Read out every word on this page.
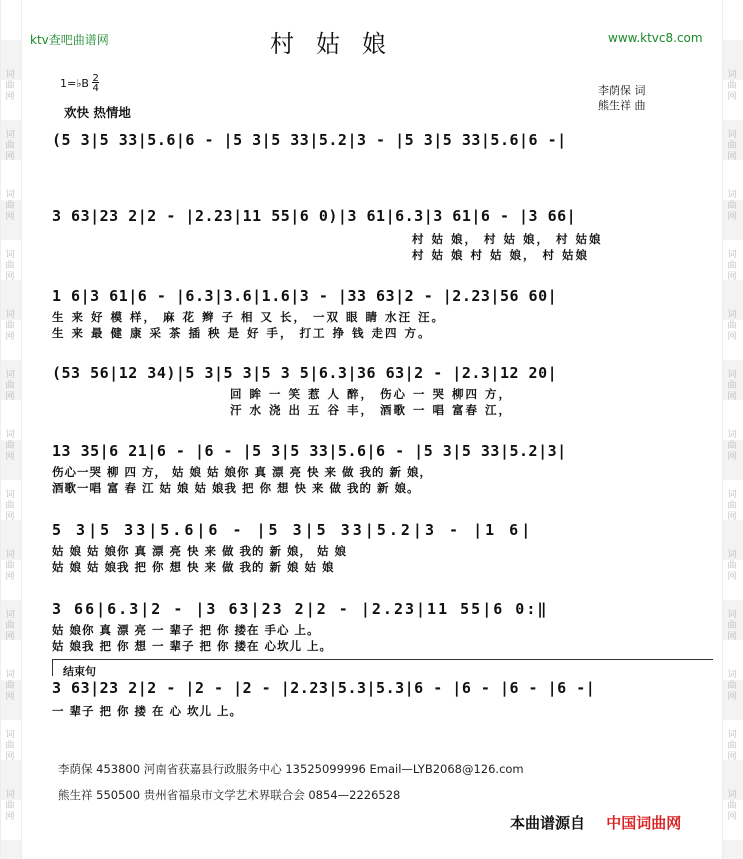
词
曲
网
词
曲
网
词
曲
网
词
曲
网
词
曲
网
词
曲
网
词
曲
网
词
曲
网
词
曲
网
词
曲
网
词
曲
网
词
曲
网
词
曲
网
词
曲
网
词
曲
网
词
曲
网
词
曲
网
词
曲
网
词
曲
网
词
曲
网
词
曲
网
词
曲
网
词
曲
网
词
曲
网
词
曲
网
词
曲
网
ktv查吧曲谱网	www.ktvc8.com
村姑娘
1=♭B $\frac{2}{4}$
欢快 热情地
李荫保 词
熊生祥 曲
(5 3|5 33|5.6|6 - |5 3|5 33|5.2|3 - |5 3|5 33|5.6|6 -|
3 63|23 2|2 - |2.23|11 55|6 0)|3 61|6.3|3 61|6 - |3 66|
村 姑 娘， 村 姑 娘， 村 姑娘
村 姑 娘 村 姑 娘， 村 姑娘
1 6|3 61|6 - |6.3|3.6|1.6|3 - |33 63|2 - |2.23|56 60|
生 来 好 模 样， 麻 花 辫 子 相 又 长， 一双 眼 睛 水汪 汪。
生 来 最 健 康 采 茶 插 秧 是 好 手， 打工 挣 钱 走四 方。
(53 56|12 34)|5 3|5 3|5 3 5|6.3|36 63|2 - |2.3|12 20|
回 眸 一 笑 惹 人 醉， 伤心 一 哭 柳四 方，
汗 水 浇 出 五 谷 丰， 酒歌 一 唱 富春 江，
13 35|6 21|6 - |6 - |5 3|5 33|5.6|6 - |5 3|5 33|5.2|3|
伤心一哭 柳 四 方， 姑 娘 姑 娘你 真 漂 亮 快 来 做 我的 新 娘，
酒歌一唱 富 春 江 姑 娘 姑 娘我 把 你 想 快 来 做 我的 新 娘。
5 3|5 33|5.6|6 - |5 3|5 33|5.2|3 - |1 6|
姑 娘 姑 娘你 真 漂 亮 快 来 做 我的 新 娘， 姑 娘
姑 娘 姑 娘我 把 你 想 快 来 做 我的 新 娘 姑 娘
3 66|6.3|2 - |3 63|23 2|2 - |2.23|11 55|6 0:‖
姑 娘你 真 漂 亮 一 辈子 把 你 搂在 手心 上。
姑 娘我 把 你 想 一 辈子 把 你 搂在 心坎儿 上。
结束句
3 63|23 2|2 - |2 - |2 - |2.23|5.3|5.3|6 - |6 - |6 - |6 -|
一 辈子 把 你 搂 在 心 坎儿 上。
李荫保 453800 河南省获嘉县行政服务中心 13525099996 Email—LYB2068@126.com
熊生祥 550500 贵州省福泉市文学艺术界联合会 0854—2226528
本曲谱源自 中国词曲网
